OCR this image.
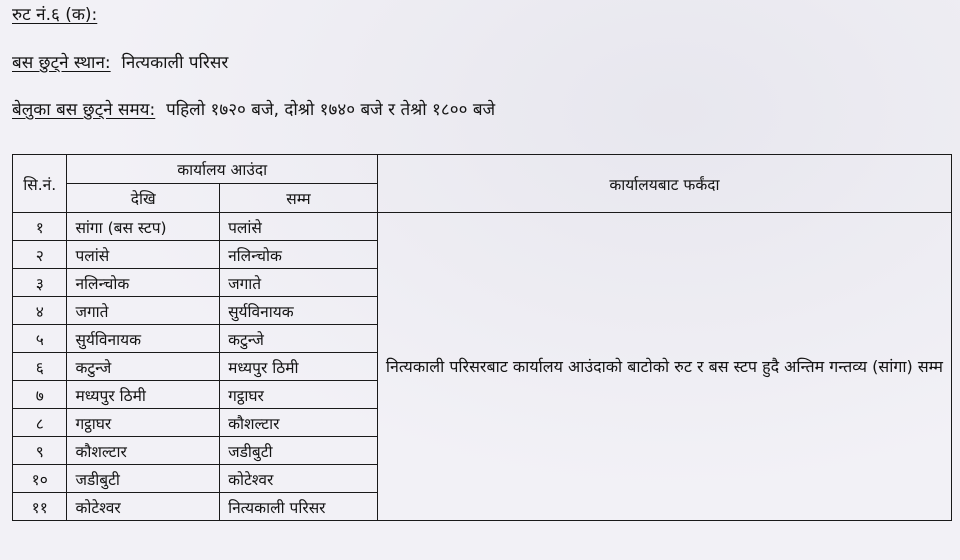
रुट नं.६ (क):
बस छुट्ने स्थान: नित्यकाली परिसर
बेलुका बस छुट्ने समय: पहिलो १७२० बजे, दोश्रो १७४० बजे र तेश्रो १८०० बजे
सि.नं.	कार्यालय आउंदा		कार्यालयबाट फर्कंदा
	देखि	सम्म	
१	सांगा (बस स्टप)	पलांसे	नित्यकाली परिसरबाट कार्यालय आउंदाको बाटोको रुट र बस स्टप हुदै अन्तिम गन्तव्य (सांगा) सम्म
२	पलांसे	नलिन्चोक	
३	नलिन्चोक	जगाते	
४	जगाते	सुर्यविनायक	
५	सुर्यविनायक	कटुन्जे	
६	कटुन्जे	मध्यपुर ठिमी	
७	मध्यपुर ठिमी	गट्ठाघर	
८	गट्ठाघर	कौशल्टार	
९	कौशल्टार	जडीबुटी	
१०	जडीबुटी	कोटेश्वर	
११	कोटेश्वर	नित्यकाली परिसर	
